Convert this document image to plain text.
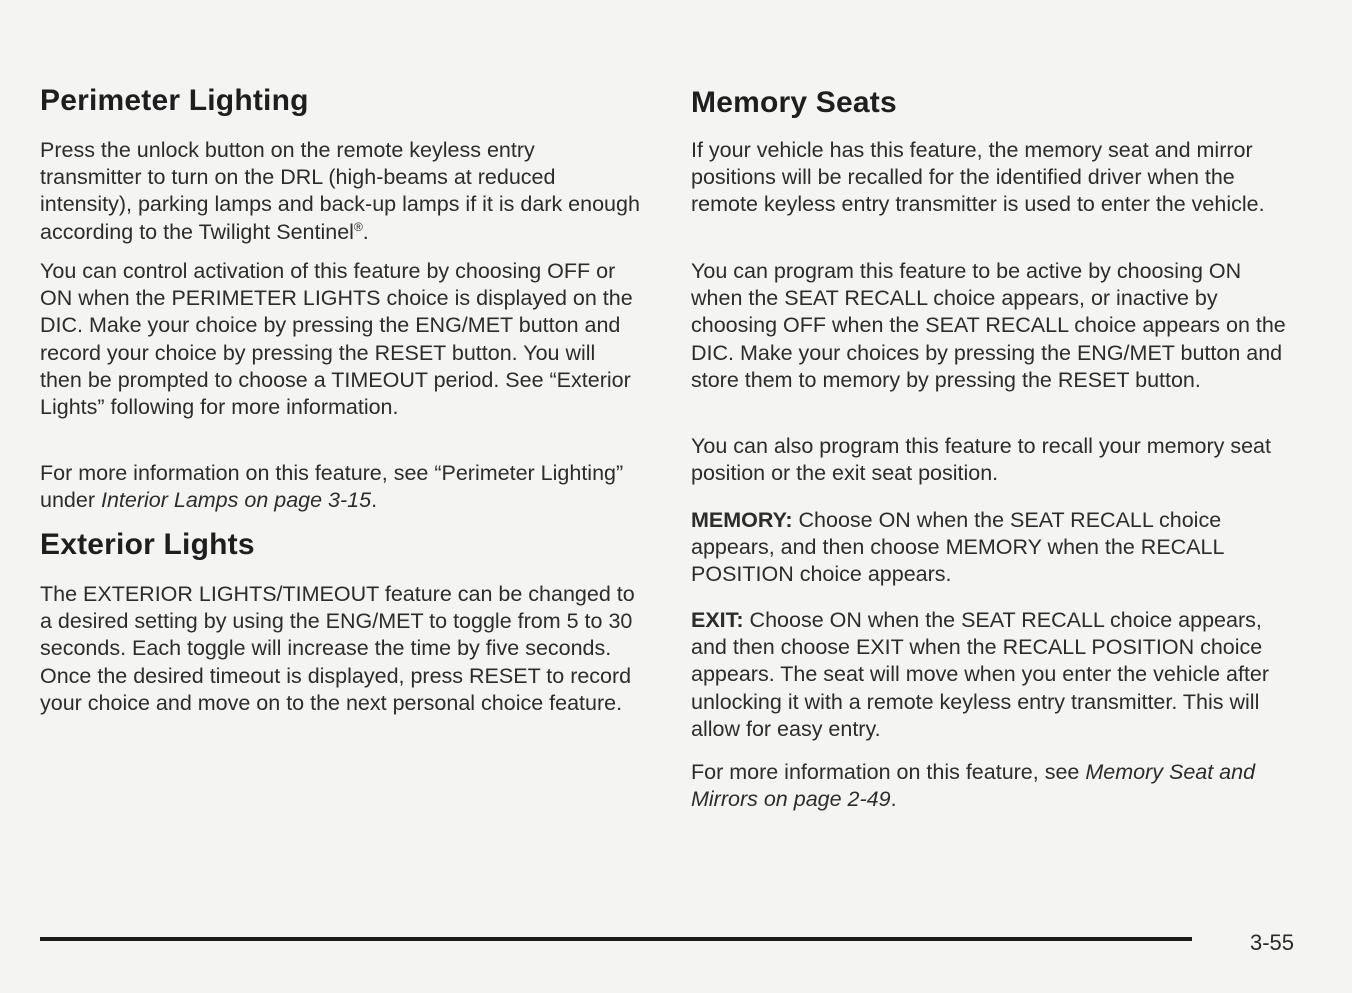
Perimeter Lighting

Press the unlock button on the remote keyless entry transmitter to turn on the DRL (high-beams at reduced intensity), parking lamps and back-up lamps if it is dark enough according to the Twilight Sentinel®.

You can control activation of this feature by choosing OFF or ON when the PERIMETER LIGHTS choice is displayed on the DIC. Make your choice by pressing the ENG/MET button and record your choice by pressing the RESET button. You will then be prompted to choose a TIMEOUT period. See “Exterior Lights” following for more information.

For more information on this feature, see “Perimeter Lighting” under Interior Lamps on page 3-15.

Exterior Lights

The EXTERIOR LIGHTS/TIMEOUT feature can be changed to a desired setting by using the ENG/MET to toggle from 5 to 30 seconds. Each toggle will increase the time by five seconds. Once the desired timeout is displayed, press RESET to record your choice and move on to the next personal choice feature.

Memory Seats

If your vehicle has this feature, the memory seat and mirror positions will be recalled for the identified driver when the remote keyless entry transmitter is used to enter the vehicle.

You can program this feature to be active by choosing ON when the SEAT RECALL choice appears, or inactive by choosing OFF when the SEAT RECALL choice appears on the DIC. Make your choices by pressing the ENG/MET button and store them to memory by pressing the RESET button.

You can also program this feature to recall your memory seat position or the exit seat position.

MEMORY: Choose ON when the SEAT RECALL choice appears, and then choose MEMORY when the RECALL POSITION choice appears.

EXIT: Choose ON when the SEAT RECALL choice appears, and then choose EXIT when the RECALL POSITION choice appears. The seat will move when you enter the vehicle after unlocking it with a remote keyless entry transmitter. This will allow for easy entry.

For more information on this feature, see Memory Seat and Mirrors on page 2-49.

3-55
